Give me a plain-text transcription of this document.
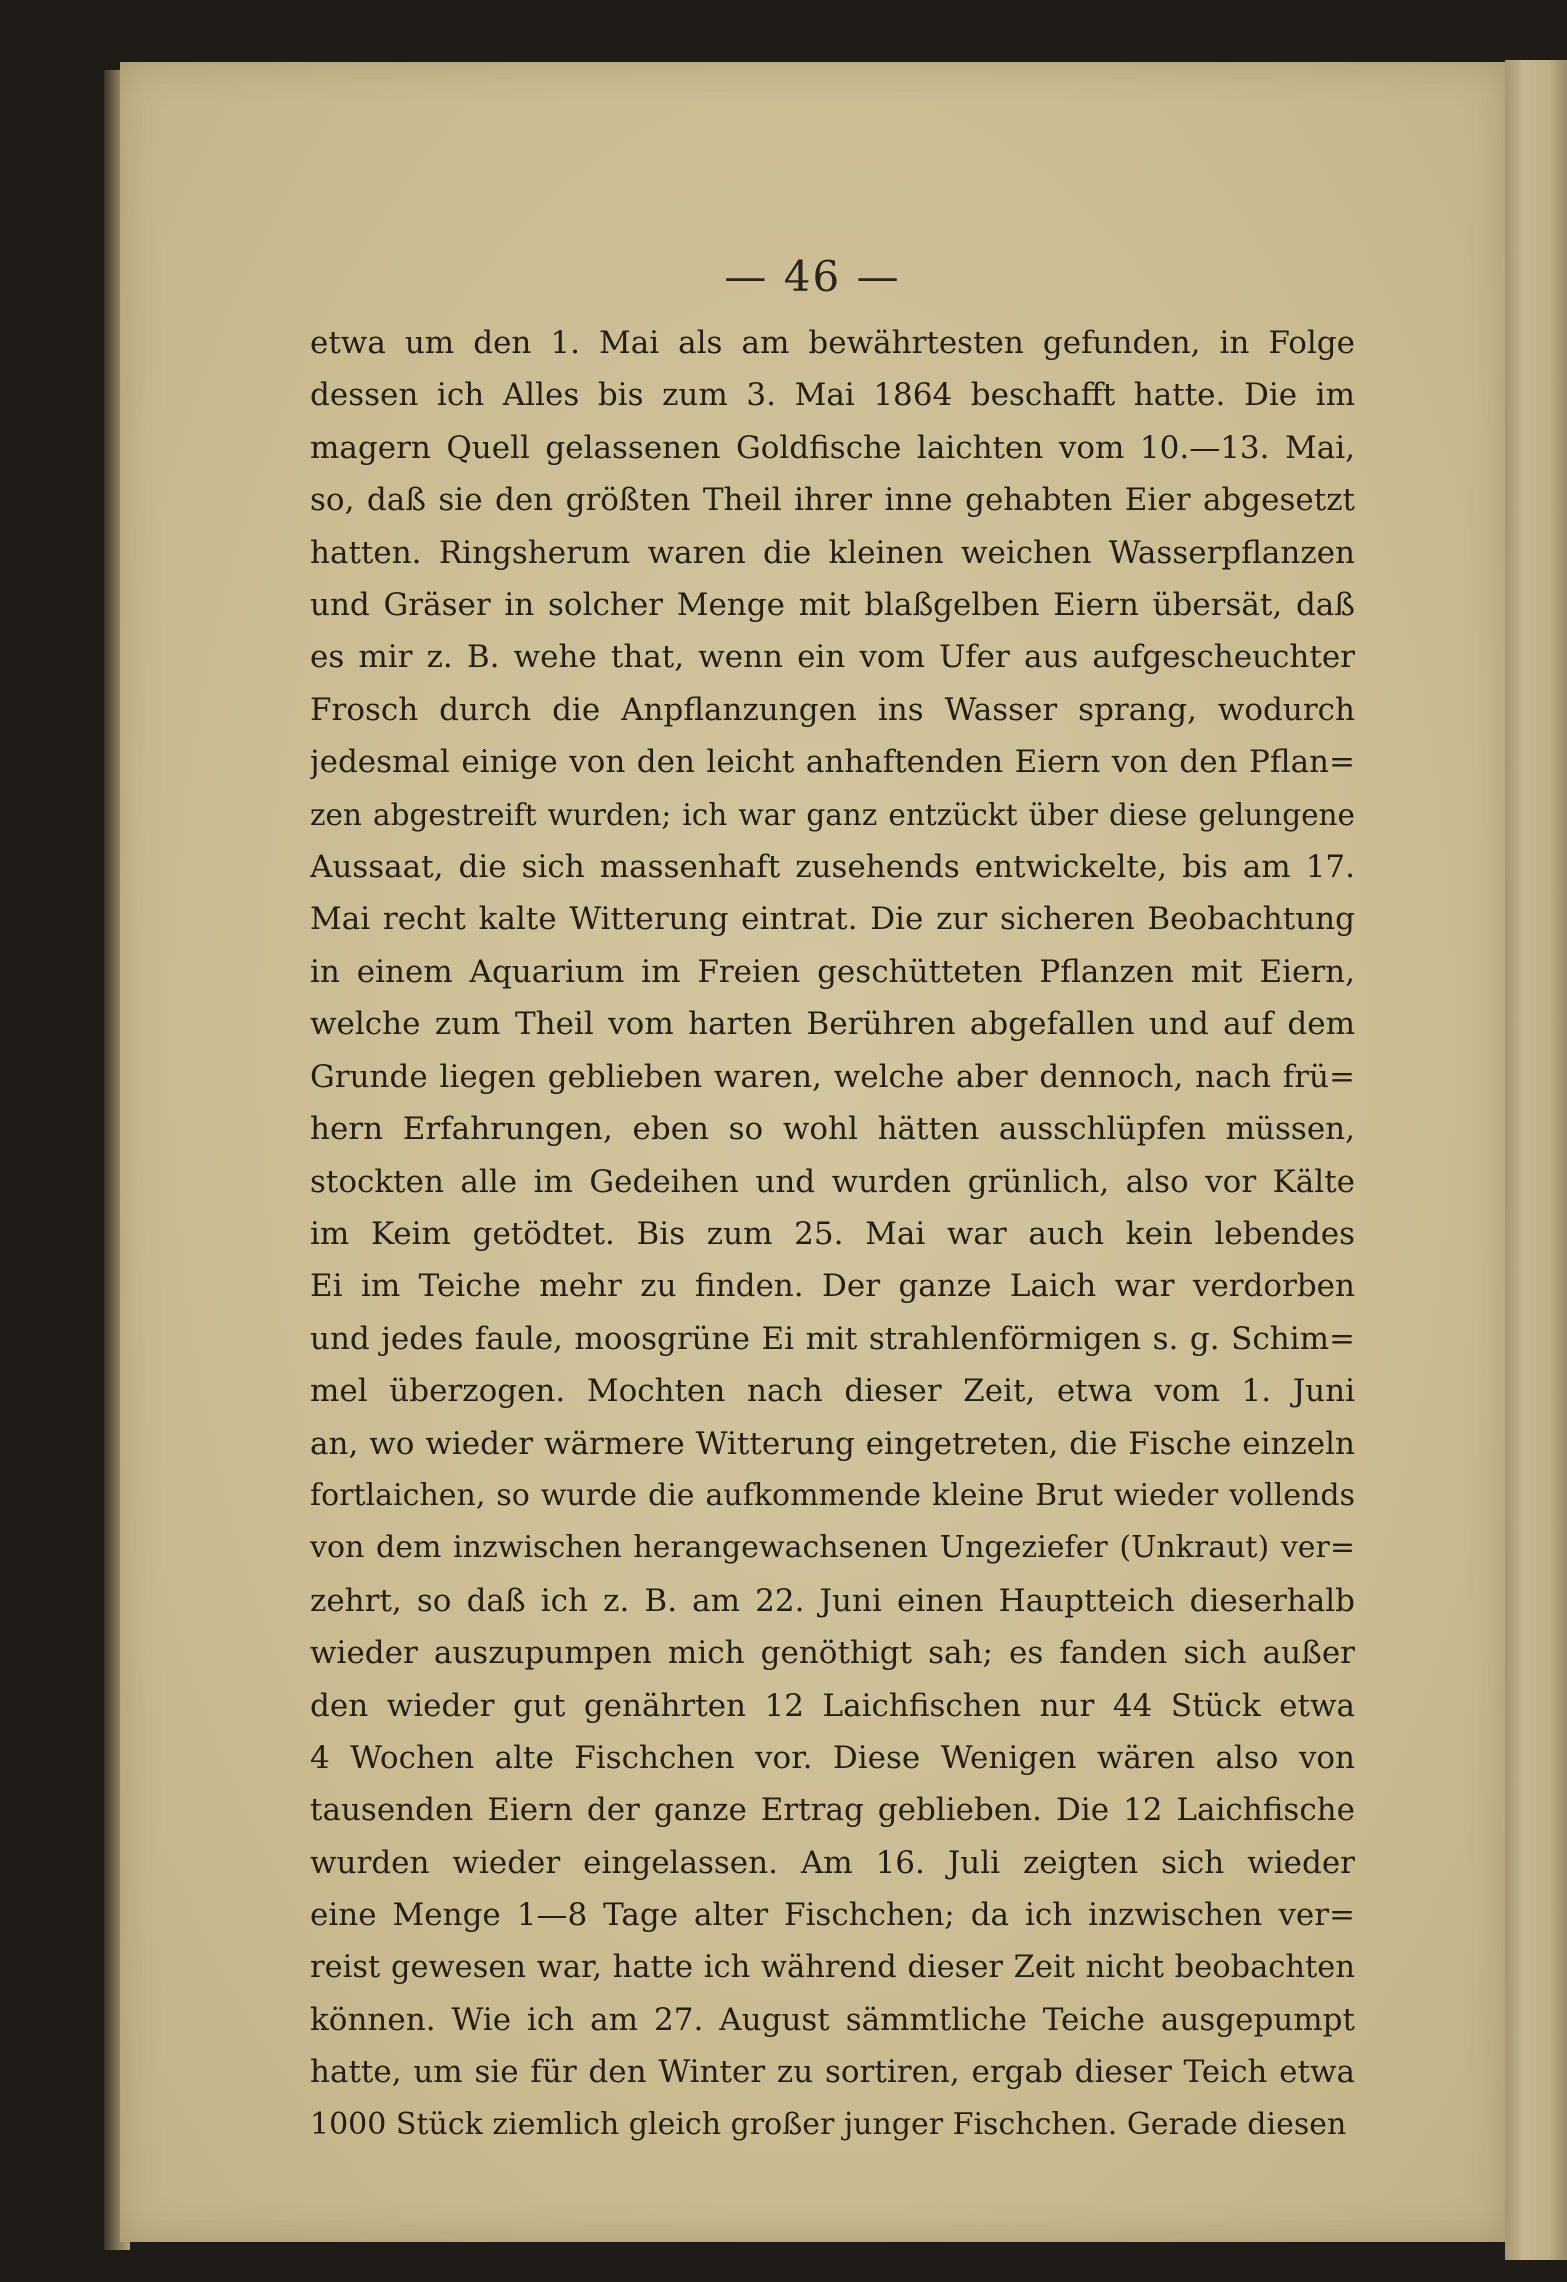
— 46 —
etwa um den 1. Mai als am bewährtesten gefunden, in Folge
dessen ich Alles bis zum 3. Mai 1864 beschafft hatte. Die im
magern Quell gelassenen Goldfische laichten vom 10.—13. Mai,
so, daß sie den größten Theil ihrer inne gehabten Eier abgesetzt
hatten. Ringsherum waren die kleinen weichen Wasserpflanzen
und Gräser in solcher Menge mit blaßgelben Eiern übersät, daß
es mir z. B. wehe that, wenn ein vom Ufer aus aufgescheuchter
Frosch durch die Anpflanzungen ins Wasser sprang, wodurch
jedesmal einige von den leicht anhaftenden Eiern von den Pflan=
zen abgestreift wurden; ich war ganz entzückt über diese gelungene
Aussaat, die sich massenhaft zusehends entwickelte, bis am 17.
Mai recht kalte Witterung eintrat. Die zur sicheren Beobachtung
in einem Aquarium im Freien geschütteten Pflanzen mit Eiern,
welche zum Theil vom harten Berühren abgefallen und auf dem
Grunde liegen geblieben waren, welche aber dennoch, nach frü=
hern Erfahrungen, eben so wohl hätten ausschlüpfen müssen,
stockten alle im Gedeihen und wurden grünlich, also vor Kälte
im Keim getödtet. Bis zum 25. Mai war auch kein lebendes
Ei im Teiche mehr zu finden. Der ganze Laich war verdorben
und jedes faule, moosgrüne Ei mit strahlenförmigen s. g. Schim=
mel überzogen. Mochten nach dieser Zeit, etwa vom 1. Juni
an, wo wieder wärmere Witterung eingetreten, die Fische einzeln
fortlaichen, so wurde die aufkommende kleine Brut wieder vollends
von dem inzwischen herangewachsenen Ungeziefer (Unkraut) ver=
zehrt, so daß ich z. B. am 22. Juni einen Hauptteich dieserhalb
wieder auszupumpen mich genöthigt sah; es fanden sich außer
den wieder gut genährten 12 Laichfischen nur 44 Stück etwa
4 Wochen alte Fischchen vor. Diese Wenigen wären also von
tausenden Eiern der ganze Ertrag geblieben. Die 12 Laichfische
wurden wieder eingelassen. Am 16. Juli zeigten sich wieder
eine Menge 1—8 Tage alter Fischchen; da ich inzwischen ver=
reist gewesen war, hatte ich während dieser Zeit nicht beobachten
können. Wie ich am 27. August sämmtliche Teiche ausgepumpt
hatte, um sie für den Winter zu sortiren, ergab dieser Teich etwa
1000 Stück ziemlich gleich großer junger Fischchen. Gerade diesen
